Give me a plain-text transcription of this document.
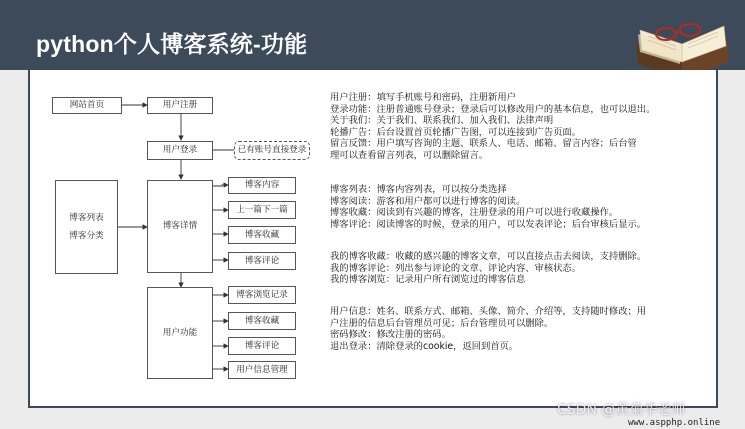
python个人博客系统-功能
网站首页	用户注册
用户登录	已有账号直接登录
博客列表
博客分类
博客详情
博客内容
上一篇下一篇
博客收藏
博客评论
用户功能
博客浏览记录
博客收藏
博客评论
用户信息管理
用户注册：填写手机账号和密码，注册新用户
登录功能：注册普通账号登录；登录后可以修改用户的基本信息，也可以退出。
关于我们：关于我们、联系我们、加入我们、法律声明
轮播广告：后台设置首页轮播广告图，可以连接到广告页面。
留言反馈：用户填写咨询的主题、联系人、电话、邮箱、留言内容；后台管
理可以查看留言列表，可以删除留言。
博客列表：博客内容列表，可以按分类选择
博客阅读：游客和用户都可以进行博客的阅读。
博客收藏：阅读到有兴趣的博客，注册登录的用户可以进行收藏操作。
博客评论：阅读博客的时候，登录的用户，可以发表评论；后台审核后显示。
我的博客收藏：收藏的感兴趣的博客文章，可以直接点击去阅读，支持删除。
我的博客评论：列出参与评论的文章、评论内容、审核状态。
我的博客浏览：记录用户所有浏览过的博客信息
用户信息：姓名、联系方式、邮箱、头像、简介、介绍等，支持随时修改；用
户注册的信息后台管理员可见；后台管理员可以删除。
密码修改：修改注册的密码。
退出登录：清除登录的cookie，返回到首页。
CSDN @黄菊华老师
www.aspphp.online
